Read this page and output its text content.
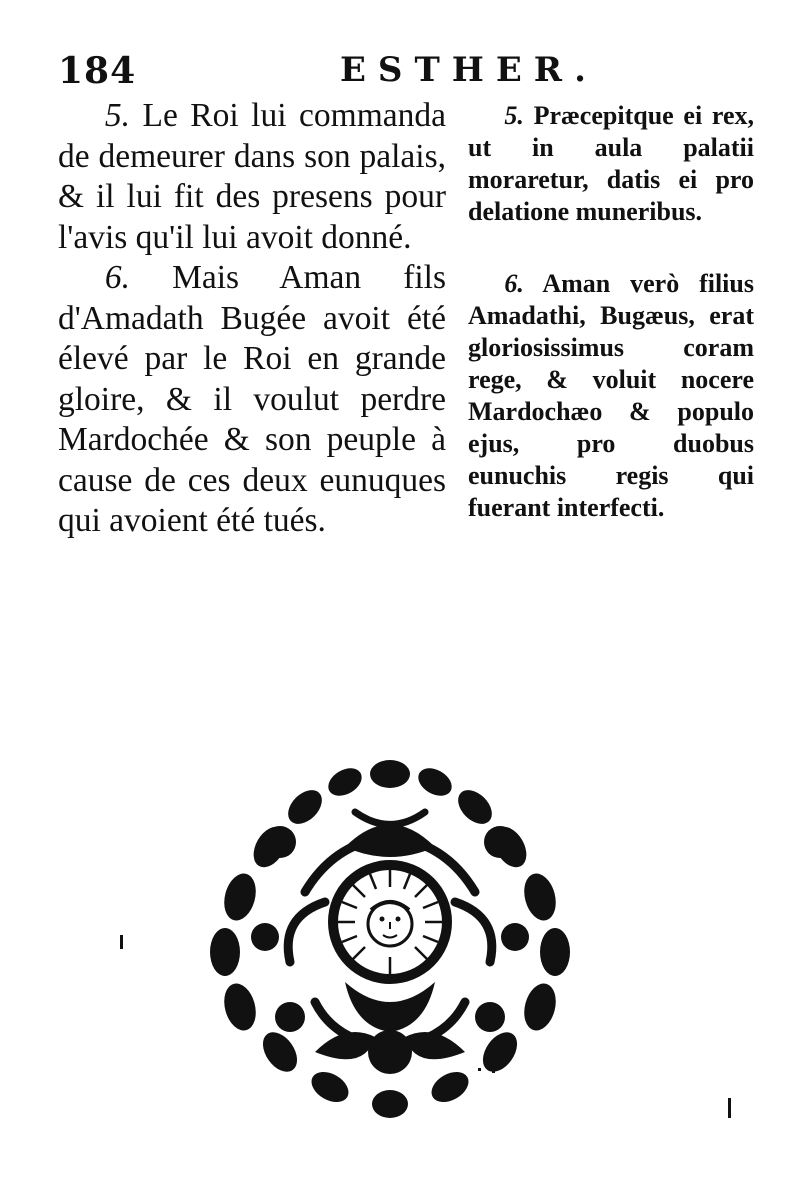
184	ESTHER.

5. Le Roi lui commanda de demeurer dans son palais, & il lui fit des presens pour l'avis qu'il lui avoit donné.

6. Mais Aman fils d'Amadath Bugée avoit été élevé par le Roi en grande gloire, & il voulut perdre Mardochée & son peuple à cause de ces deux eunuques qui avoient été tués.

5. Præcepitque ei rex, ut in aula palatii moraretur, datis ei pro delatione muneribus.

6. Aman verò filius Amadathi, Bugæus, erat gloriosissimus coram rege, & voluit nocere Mardochæo & populo ejus, pro duobus eunuchis regis qui fuerant interfecti.
